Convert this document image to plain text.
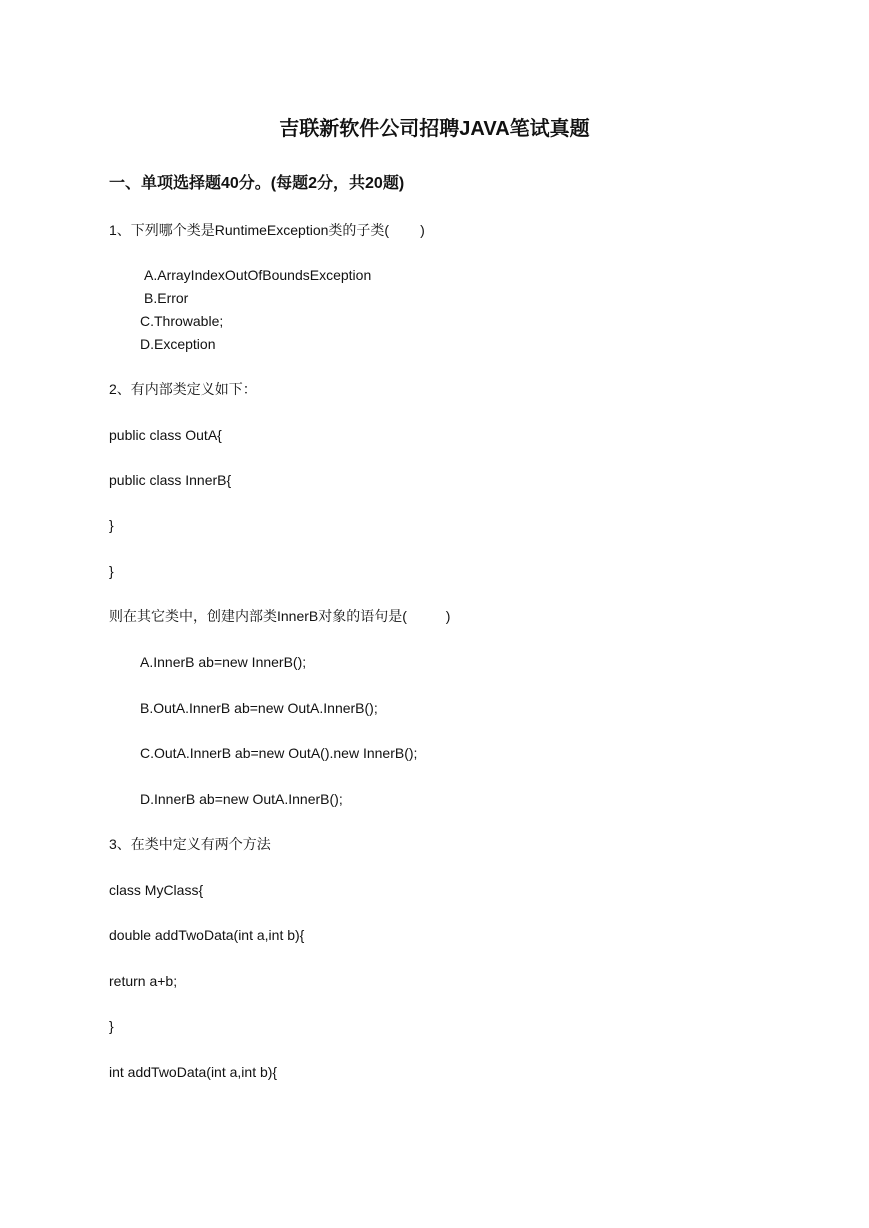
吉联新软件公司招聘JAVA笔试真题
一、单项选择题40分。(每题2分，共20题)
1、下列哪个类是RuntimeException类的子类(        )
A.ArrayIndexOutOfBoundsException
B.Error
C.Throwable;
D.Exception
2、有内部类定义如下：
public class OutA{
public class InnerB{
}
}
则在其它类中，创建内部类InnerB对象的语句是(          )
A.InnerB ab=new InnerB();
B.OutA.InnerB ab=new OutA.InnerB();
C.OutA.InnerB ab=new OutA().new InnerB();
D.InnerB ab=new OutA.InnerB();
3、在类中定义有两个方法
class MyClass{
double addTwoData(int a,int b){
return a+b;
}
int addTwoData(int a,int b){
